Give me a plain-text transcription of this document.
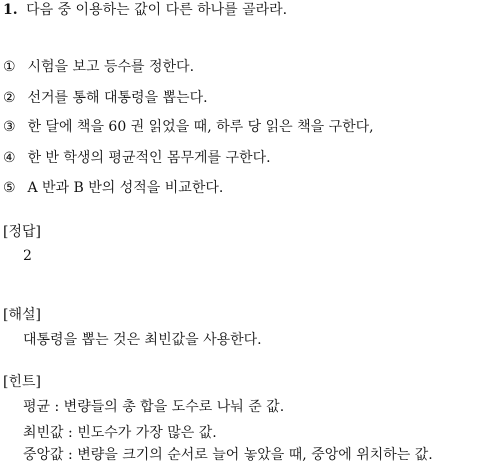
1. 다음 중 이용하는 값이 다른 하나를 골라라.
① 시험을 보고 등수를 정한다.
② 선거를 통해 대통령을 뽑는다.
③ 한 달에 책을 60 권 읽었을 때, 하루 당 읽은 책을 구한다,
④ 한 반 학생의 평균적인 몸무게를 구한다.
⑤ A 반과 B 반의 성적을 비교한다.
[정답]
2
[해설]
대통령을 뽑는 것은 최빈값을 사용한다.
[힌트]
평균 : 변량들의 총 합을 도수로 나눠 준 값.
최빈값 : 빈도수가 가장 많은 값.
중앙값 : 변량을 크기의 순서로 늘어 놓았을 때, 중앙에 위치하는 값.
